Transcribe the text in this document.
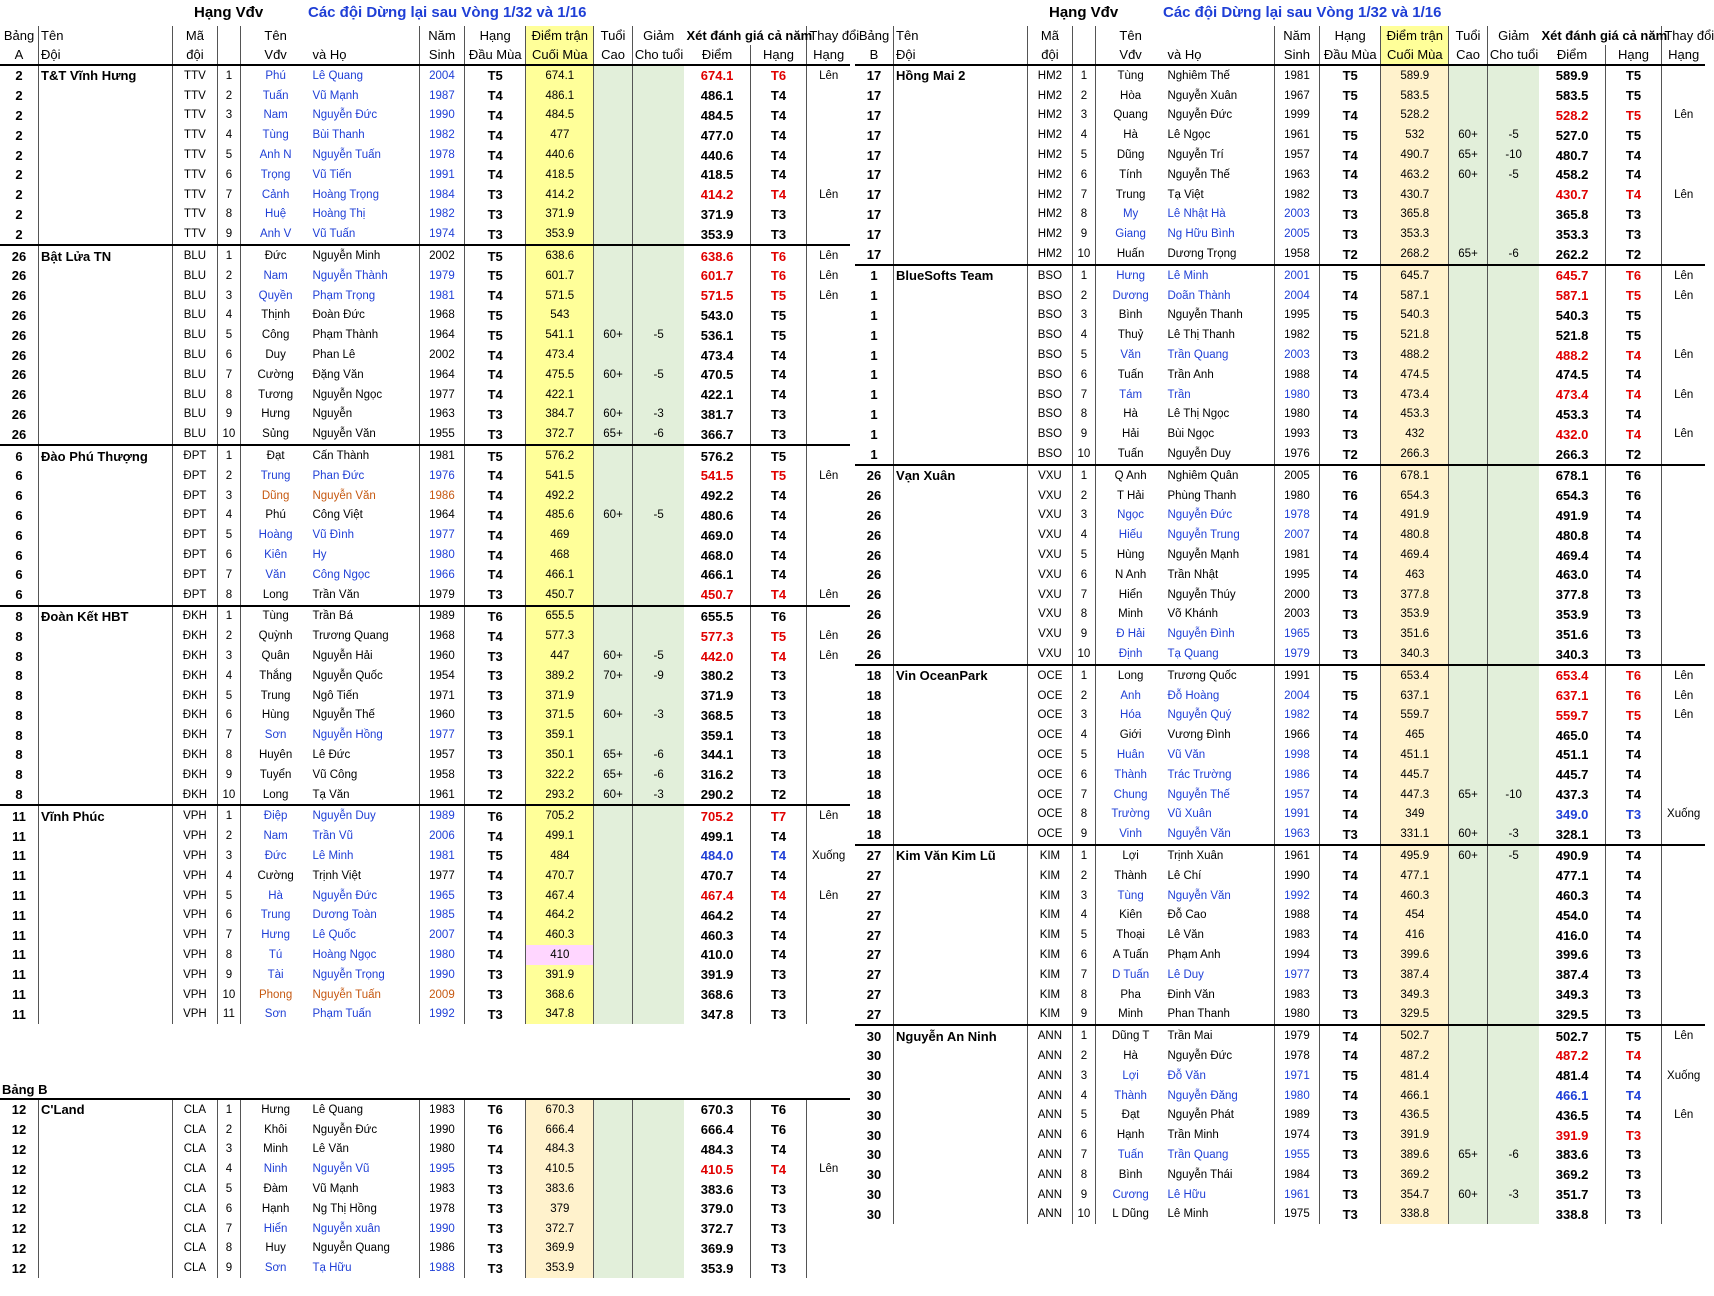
Hạng Vđv	Các đội Dừng lại sau Vòng 1/32 và 1/16
Bảng	Tên	Mã		Tên		Năm	Hạng	Điểm trận	Tuổi	Giảm	Xét đánh giá cả năm		Thay đổi
A	Đội	đội		Vđv	và Họ	Sinh	Đầu Mùa	Cuối Mùa	Cao	Cho tuổi	Điểm	Hạng	Hạng
2	T&T Vĩnh Hưng	TTV	1	Phú	Lê Quang	2004	T5	674.1			674.1	T6	Lên
2		TTV	2	Tuấn	Vũ Mạnh	1987	T4	486.1			486.1	T4	
2		TTV	3	Nam	Nguyễn Đức	1990	T4	484.5			484.5	T4	
2		TTV	4	Tùng	Bùi Thanh	1982	T4	477			477.0	T4	
2		TTV	5	Anh N	Nguyễn Tuấn	1978	T4	440.6			440.6	T4	
2		TTV	6	Trọng	Vũ Tiến	1991	T4	418.5			418.5	T4	
2		TTV	7	Cảnh	Hoàng Trọng	1984	T3	414.2			414.2	T4	Lên
2		TTV	8	Huệ	Hoàng Thị	1982	T3	371.9			371.9	T3	
2		TTV	9	Anh V	Vũ Tuấn	1974	T3	353.9			353.9	T3	
26	Bật Lửa TN	BLU	1	Đức	Nguyễn Minh	2002	T5	638.6			638.6	T6	Lên
26		BLU	2	Nam	Nguyễn Thành	1979	T5	601.7			601.7	T6	Lên
26		BLU	3	Quyền	Phạm Trọng	1981	T4	571.5			571.5	T5	Lên
26		BLU	4	Thịnh	Đoàn Đức	1968	T5	543			543.0	T5	
26		BLU	5	Công	Phạm Thành	1964	T5	541.1	60+	-5	536.1	T5	
26		BLU	6	Duy	Phan Lê	2002	T4	473.4			473.4	T4	
26		BLU	7	Cường	Đặng Văn	1964	T4	475.5	60+	-5	470.5	T4	
26		BLU	8	Tương	Nguyễn Ngọc	1977	T4	422.1			422.1	T4	
26		BLU	9	Hưng	Nguyễn	1963	T3	384.7	60+	-3	381.7	T3	
26		BLU	10	Sủng	Nguyễn Văn	1955	T3	372.7	65+	-6	366.7	T3	
6	Đào Phú Thượng	ĐPT	1	Đạt	Cấn Thành	1981	T5	576.2			576.2	T5	
6		ĐPT	2	Trung	Phan Đức	1976	T4	541.5			541.5	T5	Lên
6		ĐPT	3	Dũng	Nguyễn Văn	1986	T4	492.2			492.2	T4	
6		ĐPT	4	Phú	Công Việt	1964	T4	485.6	60+	-5	480.6	T4	
6		ĐPT	5	Hoàng	Vũ Đình	1977	T4	469			469.0	T4	
6		ĐPT	6	Kiên	Hy	1980	T4	468			468.0	T4	
6		ĐPT	7	Văn	Công Ngọc	1966	T4	466.1			466.1	T4	
6		ĐPT	8	Long	Trần Văn	1979	T3	450.7			450.7	T4	Lên
8	Đoàn Kết HBT	ĐKH	1	Tùng	Trần Bá	1989	T6	655.5			655.5	T6	
8		ĐKH	2	Quỳnh	Trương Quang	1968	T4	577.3			577.3	T5	Lên
8		ĐKH	3	Quân	Nguyễn Hải	1960	T3	447	60+	-5	442.0	T4	Lên
8		ĐKH	4	Thắng	Nguyễn Quốc	1954	T3	389.2	70+	-9	380.2	T3	
8		ĐKH	5	Trung	Ngô Tiến	1971	T3	371.9			371.9	T3	
8		ĐKH	6	Hùng	Nguyễn Thế	1960	T3	371.5	60+	-3	368.5	T3	
8		ĐKH	7	Sơn	Nguyễn Hồng	1977	T3	359.1			359.1	T3	
8		ĐKH	8	Huyên	Lê Đức	1957	T3	350.1	65+	-6	344.1	T3	
8		ĐKH	9	Tuyển	Vũ Công	1958	T3	322.2	65+	-6	316.2	T3	
8		ĐKH	10	Long	Tạ Văn	1961	T2	293.2	60+	-3	290.2	T2	
11	Vĩnh Phúc	VPH	1	Điệp	Nguyễn Duy	1989	T6	705.2			705.2	T7	Lên
11		VPH	2	Nam	Trần Vũ	2006	T4	499.1			499.1	T4	
11		VPH	3	Đức	Lê Minh	1981	T5	484			484.0	T4	Xuống
11		VPH	4	Cường	Trịnh Việt	1977	T4	470.7			470.7	T4	
11		VPH	5	Hà	Nguyễn Đức	1965	T3	467.4			467.4	T4	Lên
11		VPH	6	Trung	Dương Toàn	1985	T4	464.2			464.2	T4	
11		VPH	7	Hưng	Lê Quốc	2007	T4	460.3			460.3	T4	
11		VPH	8	Tú	Hoàng Ngọc	1980	T4	410			410.0	T4	
11		VPH	9	Tài	Nguyễn Trọng	1990	T3	391.9			391.9	T3	
11		VPH	10	Phong	Nguyễn Tuấn	2009	T3	368.6			368.6	T3	
11		VPH	11	Sơn	Phạm Tuấn	1992	T3	347.8			347.8	T3	
Bảng B
12	C'Land	CLA	1	Hưng	Lê Quang	1983	T6	670.3			670.3	T6	
12		CLA	2	Khôi	Nguyễn Đức	1990	T6	666.4			666.4	T6	
12		CLA	3	Minh	Lê Văn	1980	T4	484.3			484.3	T4	
12		CLA	4	Ninh	Nguyễn Vũ	1995	T3	410.5			410.5	T4	Lên
12		CLA	5	Đàm	Vũ Mạnh	1983	T3	383.6			383.6	T3	
12		CLA	6	Hạnh	Ng Thị Hồng	1978	T3	379			379.0	T3	
12		CLA	7	Hiển	Nguyễn xuân	1990	T3	372.7			372.7	T3	
12		CLA	8	Huy	Nguyễn Quang	1986	T3	369.9			369.9	T3	
12		CLA	9	Sơn	Tạ Hữu	1988	T3	353.9			353.9	T3	
Hạng Vđv	Các đội Dừng lại sau Vòng 1/32 và 1/16
Bảng	Tên	Mã		Tên		Năm	Hạng	Điểm trận	Tuổi	Giảm	Xét đánh giá cả năm		Thay đổi
B	Đội	đội		Vđv	và Họ	Sinh	Đầu Mùa	Cuối Mùa	Cao	Cho tuổi	Điểm	Hạng	Hạng
17	Hồng Mai 2	HM2	1	Tùng	Nghiêm Thế	1981	T5	589.9			589.9	T5	
17		HM2	2	Hòa	Nguyễn Xuân	1967	T5	583.5			583.5	T5	
17		HM2	3	Quang	Nguyễn Đức	1999	T4	528.2			528.2	T5	Lên
17		HM2	4	Hà	Lê Ngọc	1961	T5	532	60+	-5	527.0	T5	
17		HM2	5	Dũng	Nguyễn Trí	1957	T4	490.7	65+	-10	480.7	T4	
17		HM2	6	Tính	Nguyễn Thế	1963	T4	463.2	60+	-5	458.2	T4	
17		HM2	7	Trung	Tạ Việt	1982	T3	430.7			430.7	T4	Lên
17		HM2	8	My	Lê Nhật Hà	2003	T3	365.8			365.8	T3	
17		HM2	9	Giang	Ng Hữu Bình	2005	T3	353.3			353.3	T3	
17		HM2	10	Huấn	Dương Trọng	1958	T2	268.2	65+	-6	262.2	T2	
1	BlueSofts Team	BSO	1	Hưng	Lê Minh	2001	T5	645.7			645.7	T6	Lên
1		BSO	2	Dương	Doãn Thành	2004	T4	587.1			587.1	T5	Lên
1		BSO	3	Bình	Nguyễn Thanh	1995	T5	540.3			540.3	T5	
1		BSO	4	Thuỷ	Lê Thị Thanh	1982	T5	521.8			521.8	T5	
1		BSO	5	Văn	Trần Quang	2003	T3	488.2			488.2	T4	Lên
1		BSO	6	Tuấn	Trần Anh	1988	T4	474.5			474.5	T4	
1		BSO	7	Tám	Trần	1980	T3	473.4			473.4	T4	Lên
1		BSO	8	Hà	Lê Thị Ngọc	1980	T4	453.3			453.3	T4	
1		BSO	9	Hải	Bùi Ngọc	1993	T3	432			432.0	T4	Lên
1		BSO	10	Tuấn	Nguyễn Duy	1976	T2	266.3			266.3	T2	
26	Vạn Xuân	VXU	1	Q Anh	Nghiêm Quân	2005	T6	678.1			678.1	T6	
26		VXU	2	T Hải	Phùng Thanh	1980	T6	654.3			654.3	T6	
26		VXU	3	Ngọc	Nguyễn Đức	1978	T4	491.9			491.9	T4	
26		VXU	4	Hiếu	Nguyễn Trung	2007	T4	480.8			480.8	T4	
26		VXU	5	Hùng	Nguyễn Mạnh	1981	T4	469.4			469.4	T4	
26		VXU	6	N Anh	Trần Nhật	1995	T4	463			463.0	T4	
26		VXU	7	Hiển	Nguyễn Thúy	2000	T3	377.8			377.8	T3	
26		VXU	8	Minh	Võ Khánh	2003	T3	353.9			353.9	T3	
26		VXU	9	Đ Hải	Nguyễn Đình	1965	T3	351.6			351.6	T3	
26		VXU	10	Định	Tạ Quang	1979	T3	340.3			340.3	T3	
18	Vin OceanPark	OCE	1	Long	Trương Quốc	1991	T5	653.4			653.4	T6	Lên
18		OCE	2	Anh	Đỗ Hoàng	2004	T5	637.1			637.1	T6	Lên
18		OCE	3	Hóa	Nguyễn Quý	1982	T4	559.7			559.7	T5	Lên
18		OCE	4	Giới	Vương Đình	1966	T4	465			465.0	T4	
18		OCE	5	Huân	Vũ Văn	1998	T4	451.1			451.1	T4	
18		OCE	6	Thành	Trác Trường	1986	T4	445.7			445.7	T4	
18		OCE	7	Chung	Nguyễn Thế	1957	T4	447.3	65+	-10	437.3	T4	
18		OCE	8	Trường	Vũ Xuân	1991	T4	349			349.0	T3	Xuống
18		OCE	9	Vinh	Nguyễn Văn	1963	T3	331.1	60+	-3	328.1	T3	
27	Kim Văn Kim Lũ	KIM	1	Lợi	Trịnh Xuân	1961	T4	495.9	60+	-5	490.9	T4	
27		KIM	2	Thành	Lê Chí	1990	T4	477.1			477.1	T4	
27		KIM	3	Tùng	Nguyễn Văn	1992	T4	460.3			460.3	T4	
27		KIM	4	Kiên	Đỗ Cao	1988	T4	454			454.0	T4	
27		KIM	5	Thoại	Lê Văn	1983	T4	416			416.0	T4	
27		KIM	6	A Tuấn	Phạm Anh	1994	T3	399.6			399.6	T3	
27		KIM	7	D Tuấn	Lê Duy	1977	T3	387.4			387.4	T3	
27		KIM	8	Pha	Đinh Văn	1983	T3	349.3			349.3	T3	
27		KIM	9	Minh	Phan Thanh	1980	T3	329.5			329.5	T3	
30	Nguyễn An Ninh	ANN	1	Dũng T	Trần Mai	1979	T4	502.7			502.7	T5	Lên
30		ANN	2	Hà	Nguyễn Đức	1978	T4	487.2			487.2	T4	
30		ANN	3	Lợi	Đỗ Văn	1971	T5	481.4			481.4	T4	Xuống
30		ANN	4	Thành	Nguyễn Đăng	1980	T4	466.1			466.1	T4	
30		ANN	5	Đạt	Nguyễn Phát	1989	T3	436.5			436.5	T4	Lên
30		ANN	6	Hạnh	Trần Minh	1974	T3	391.9			391.9	T3	
30		ANN	7	Tuấn	Trần Quang	1955	T3	389.6	65+	-6	383.6	T3	
30		ANN	8	Bình	Nguyễn Thái	1984	T3	369.2			369.2	T3	
30		ANN	9	Cương	Lê Hữu	1961	T3	354.7	60+	-3	351.7	T3	
30		ANN	10	L Dũng	Lê Minh	1975	T3	338.8			338.8	T3	
